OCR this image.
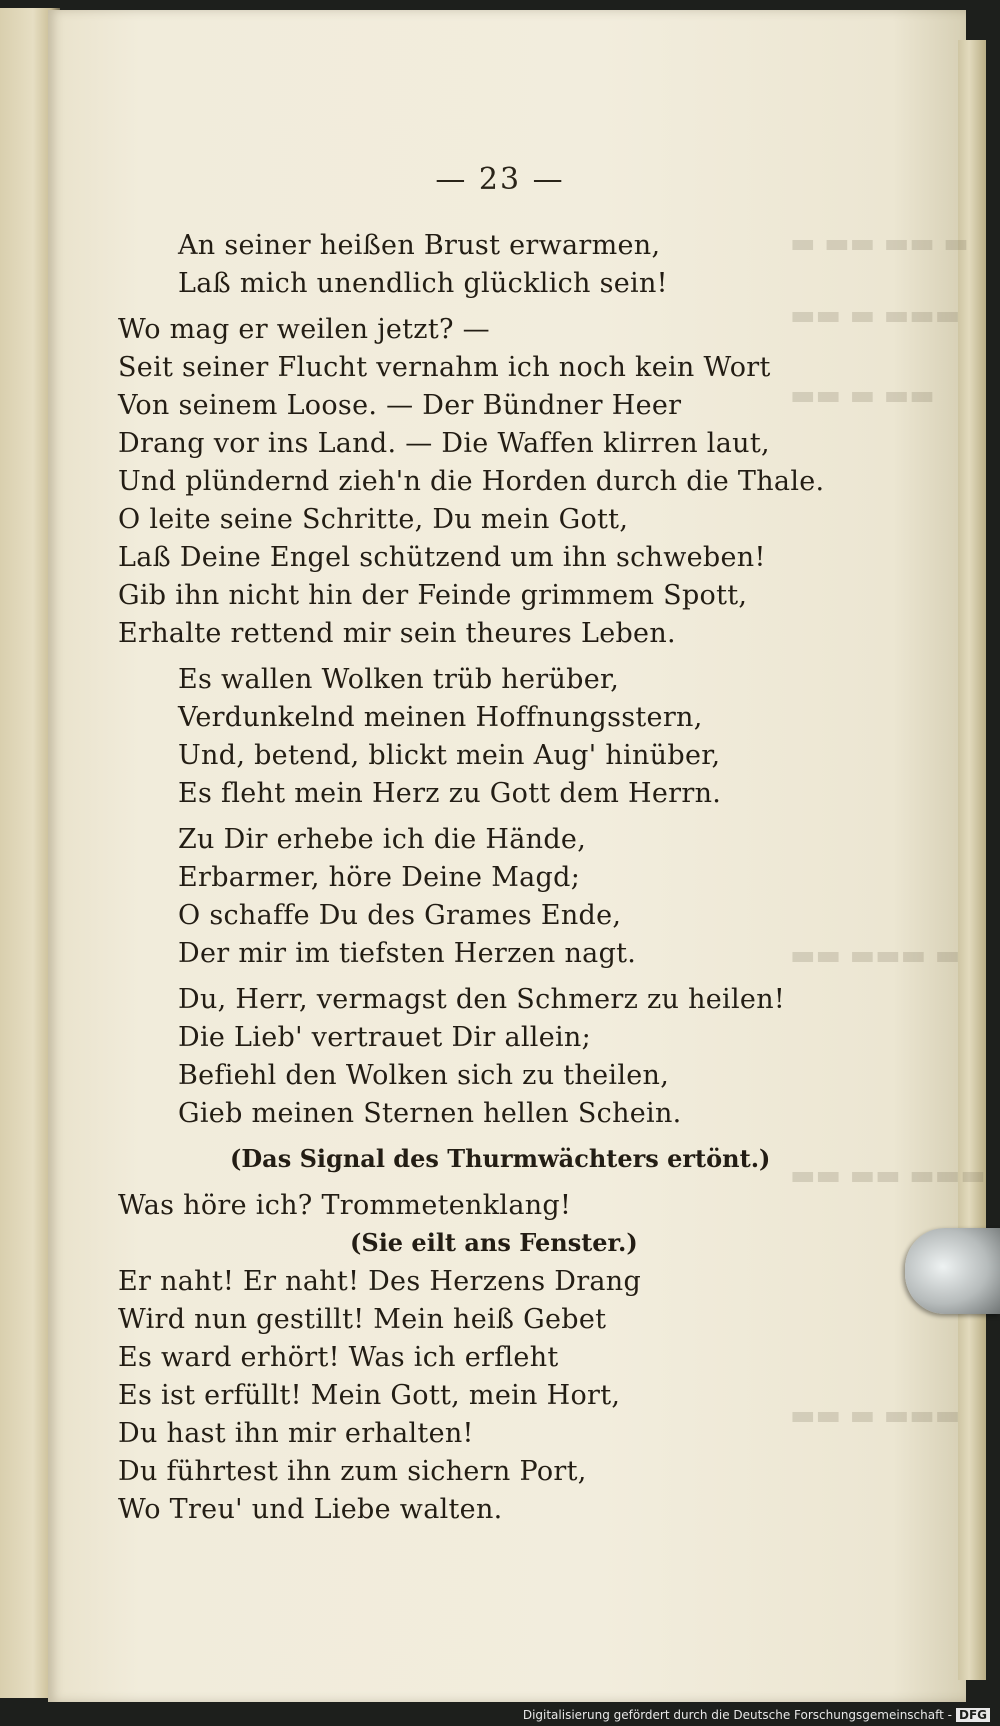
▬ ▬▬ ▬▬ ▬
▬▬ ▬ ▬▬▬
▬▬ ▬ ▬▬
▬▬ ▬▬▬ ▬
▬▬ ▬▬ ▬▬▬
▬▬ ▬ ▬▬▬
— 23 —
An seiner heißen Brust erwarmen,
Laß mich unendlich glücklich sein!
Wo mag er weilen jetzt? —
Seit seiner Flucht vernahm ich noch kein Wort
Von seinem Loose. — Der Bündner Heer
Drang vor ins Land. — Die Waffen klirren laut,
Und plündernd zieh'n die Horden durch die Thale.
O leite seine Schritte, Du mein Gott,
Laß Deine Engel schützend um ihn schweben!
Gib ihn nicht hin der Feinde grimmem Spott,
Erhalte rettend mir sein theures Leben.
Es wallen Wolken trüb herüber,
Verdunkelnd meinen Hoffnungsstern,
Und, betend, blickt mein Aug' hinüber,
Es fleht mein Herz zu Gott dem Herrn.
Zu Dir erhebe ich die Hände,
Erbarmer, höre Deine Magd;
O schaffe Du des Grames Ende,
Der mir im tiefsten Herzen nagt.
Du, Herr, vermagst den Schmerz zu heilen!
Die Lieb' vertrauet Dir allein;
Befiehl den Wolken sich zu theilen,
Gieb meinen Sternen hellen Schein.
(Das Signal des Thurmwächters ertönt.)
Was höre ich? Trommetenklang!
(Sie eilt ans Fenster.)
Er naht! Er naht! Des Herzens Drang
Wird nun gestillt! Mein heiß Gebet
Es ward erhört! Was ich erfleht
Es ist erfüllt! Mein Gott, mein Hort,
Du hast ihn mir erhalten!
Du führtest ihn zum sichern Port,
Wo Treu' und Liebe walten.
Digitalisierung gefördert durch die Deutsche Forschungsgemeinschaft - DFG
